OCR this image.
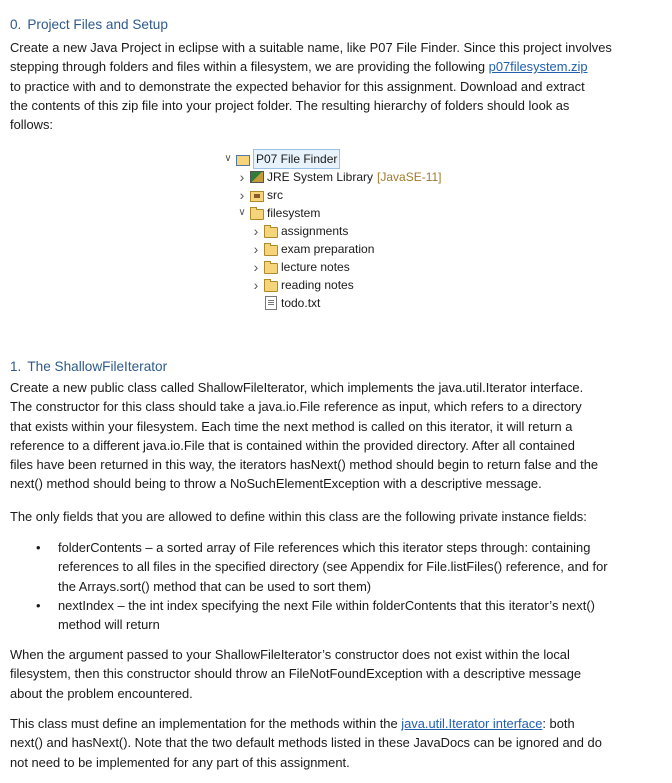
0. Project Files and Setup

Create a new Java Project in eclipse with a suitable name, like P07 File Finder. Since this project involves

stepping through folders and files within a filesystem, we are providing the following p07filesystem.zip

to practice with and to demonstrate the expected behavior for this assignment. Download and extract

the contents of this zip file into your project folder. The resulting hierarchy of folders should look as

follows:

∨ P07 File Finder
›	JRE System Library [JavaSE-11]
›	src
∨ filesystem
›	assignments
›	exam preparation
›	lecture notes
›	reading notes
todo.txt
1. The ShallowFileIterator

Create a new public class called ShallowFileIterator, which implements the java.util.Iterator interface.

The constructor for this class should take a java.io.File reference as input, which refers to a directory

that exists within your filesystem. Each time the next method is called on this iterator, it will return a

reference to a different java.io.File that is contained within the provided directory. After all contained

files have been returned in this way, the iterators hasNext() method should begin to return false and the

next() method should being to throw a NoSuchElementException with a descriptive message.

The only fields that you are allowed to define within this class are the following private instance fields:

• folderContents – a sorted array of File references which this iterator steps through: containing
references to all files in the specified directory (see Appendix for File.listFiles() reference, and for
the Arrays.sort() method that can be used to sort them)
• nextIndex – the int index specifying the next File within folderContents that this iterator’s next()
method will return

When the argument passed to your ShallowFileIterator’s constructor does not exist within the local

filesystem, then this constructor should throw an FileNotFoundException with a descriptive message

about the problem encountered.

This class must define an implementation for the methods within the java.util.Iterator interface: both

next() and hasNext(). Note that the two default methods listed in these JavaDocs can be ignored and do

not need to be implemented for any part of this assignment.
